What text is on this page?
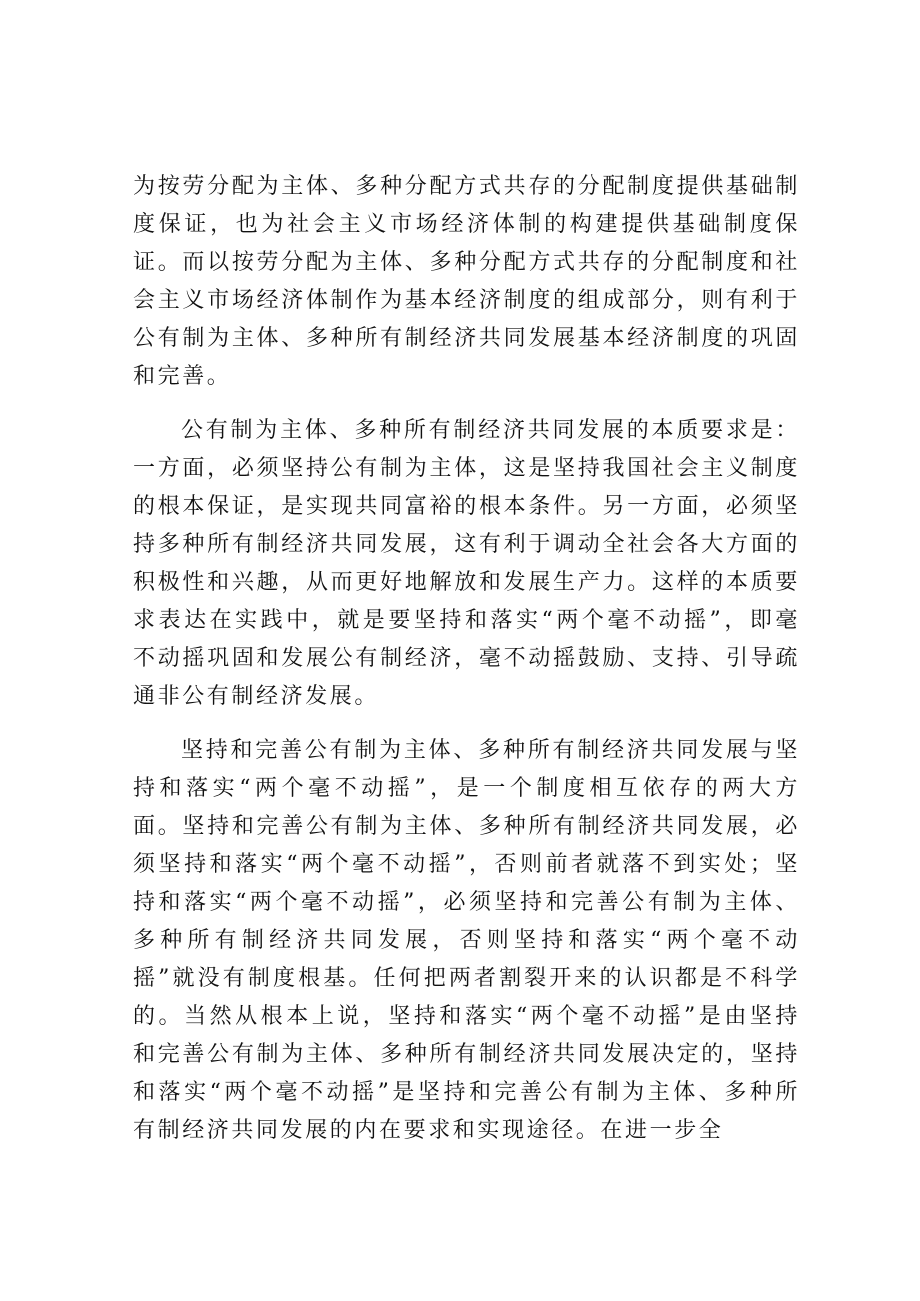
为按劳分配为主体、多种分配方式共存的分配制度提供基础制度保证，也为社会主义市场经济体制的构建提供基础制度保证。而以按劳分配为主体、多种分配方式共存的分配制度和社会主义市场经济体制作为基本经济制度的组成部分，则有利于公有制为主体、多种所有制经济共同发展基本经济制度的巩固和完善。

公有制为主体、多种所有制经济共同发展的本质要求是：一方面，必须坚持公有制为主体，这是坚持我国社会主义制度的根本保证，是实现共同富裕的根本条件。另一方面，必须坚持多种所有制经济共同发展，这有利于调动全社会各大方面的积极性和兴趣，从而更好地解放和发展生产力。这样的本质要求表达在实践中，就是要坚持和落实“两个毫不动摇”，即毫不动摇巩固和发展公有制经济，毫不动摇鼓励、支持、引导疏通非公有制经济发展。

坚持和完善公有制为主体、多种所有制经济共同发展与坚持和落实“两个毫不动摇”，是一个制度相互依存的两大方面。坚持和完善公有制为主体、多种所有制经济共同发展，必须坚持和落实“两个毫不动摇”，否则前者就落不到实处；坚持和落实“两个毫不动摇”，必须坚持和完善公有制为主体、多种所有制经济共同发展，否则坚持和落实“两个毫不动摇”就没有制度根基。任何把两者割裂开来的认识都是不科学的。当然从根本上说，坚持和落实“两个毫不动摇”是由坚持和完善公有制为主体、多种所有制经济共同发展决定的，坚持和落实“两个毫不动摇”是坚持和完善公有制为主体、多种所有制经济共同发展的内在要求和实现途径。在进一步全
